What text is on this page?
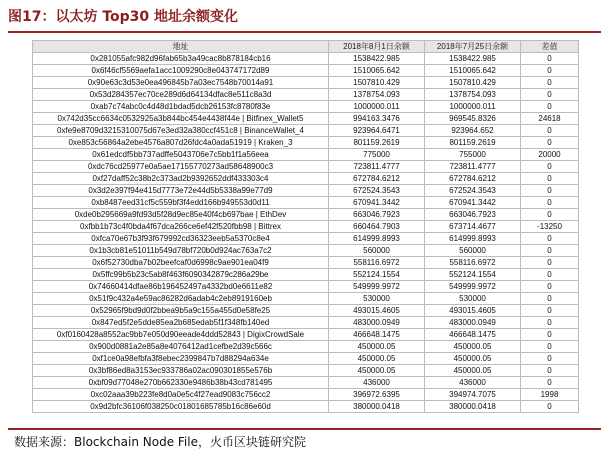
图17：以太坊 Top30 地址余额变化
地址	2018年8月1日余额	2018年7月25日余额	差值
0x281055afc982d96fab65b3a49cac8b878184cb16	1538422.985	1538422.985	0
0x6f46cf5569aefa1acc1009290c8e043747172d89	1510065.642	1510065.642	0
0x90e63c3d53e0ea496845b7a03ec7548b70014a91	1507810.429	1507810.429	0
0x53d284357ec70ce289d6d64134dfac8e511c8a3d	1378754.093	1378754.093	0
0xab7c74abc0c4d48d1bdad5dcb26153fc8780f83e	1000000.011	1000000.011	0
0x742d35cc6634c0532925a3b844bc454e4438f44e | Bitfinex_Wallet5	994163.3476	969545.8326	24618
0xfe9e8709d3215310075d67e3ed32a380ccf451c8 | BinanceWallet_4	923964.6471	923964.652	0
0xe853c56864a2ebe4576a807d26fdc4a0ada51919 | Kraken_3	801159.2619	801159.2619	0
0x61edcdf5bb737adffe5043706e7c5bb1f1a56eea	775000	755000	20000
0xdc76cd25977e0a5ae17155770273ad58648900c3	723811.4777	723811.4777	0
0xf27daff52c38b2c373ad2b9392652ddf433303c4	672784.6212	672784.6212	0
0x3d2e397f94e415d7773e72e44d5b5338a99e77d9	672524.3543	672524.3543	0
0xb8487eed31cf5c559bf3f4edd166b949553d0d11	670941.3442	670941.3442	0
0xde0b295669a9fd93d5f28d9ec85e40f4cb697bae | EthDev	663046.7923	663046.7923	0
0xfbb1b73c4f0bda4f67dca266ce6ef42f520fbb98 | Bittrex	660464.7903	673714.4677	-13250
0xfca70e67b3f93f679992cd36323eeb5a5370c8e4	614999.8993	614999.8993	0
0x1b3cb81e51011b549d78bf720b0d924ac763a7c2	560000	560000	0
0x6f52730dba7b02beefcaf0d6998c9ae901ea04f9	558116.6972	558116.6972	0
0x5ffc99b5b23c5ab8f463f6090342879c286a29be	552124.1554	552124.1554	0
0x74660414dfae86b196452497a4332bd0e6611e82	549999.9972	549999.9972	0
0x51f9c432a4e59ac86282d6adab4c2eb8919160eb	530000	530000	0
0x52965f9bd9d0f2bbea9b5a9c155a455d0e58fe25	493015.4605	493015.4605	0
0x847ed5f2e5dde85ea2b685edab5f1f348fb140ed	483000.0949	483000.0949	0
0xf0160428a8552ac9bb7e050d90eeade4ddd52843 | DigixCrowdSale	466648.1475	466648.1475	0
0x900d0881a2e85a8e4076412ad1cefbe2d39c566c	450000.05	450000.05	0
0xf1ce0a98efbfa3f8ebec2399847b7d88294a634e	450000.05	450000.05	0
0x3bf86ed8a3153ec933786a02ac090301855e576b	450000.05	450000.05	0
0xbf09d77048e270b662330e9486b38b43cd781495	436000	436000	0
0xc02aaa39b223fe8d0a0e5c4f27ead9083c756cc2	396972.6395	394974.7075	1998
0x9d2bfc36106f038250c01801685785b16c86e60d	380000.0418	380000.0418	0
数据来源：Blockchain Node File，火币区块链研究院
